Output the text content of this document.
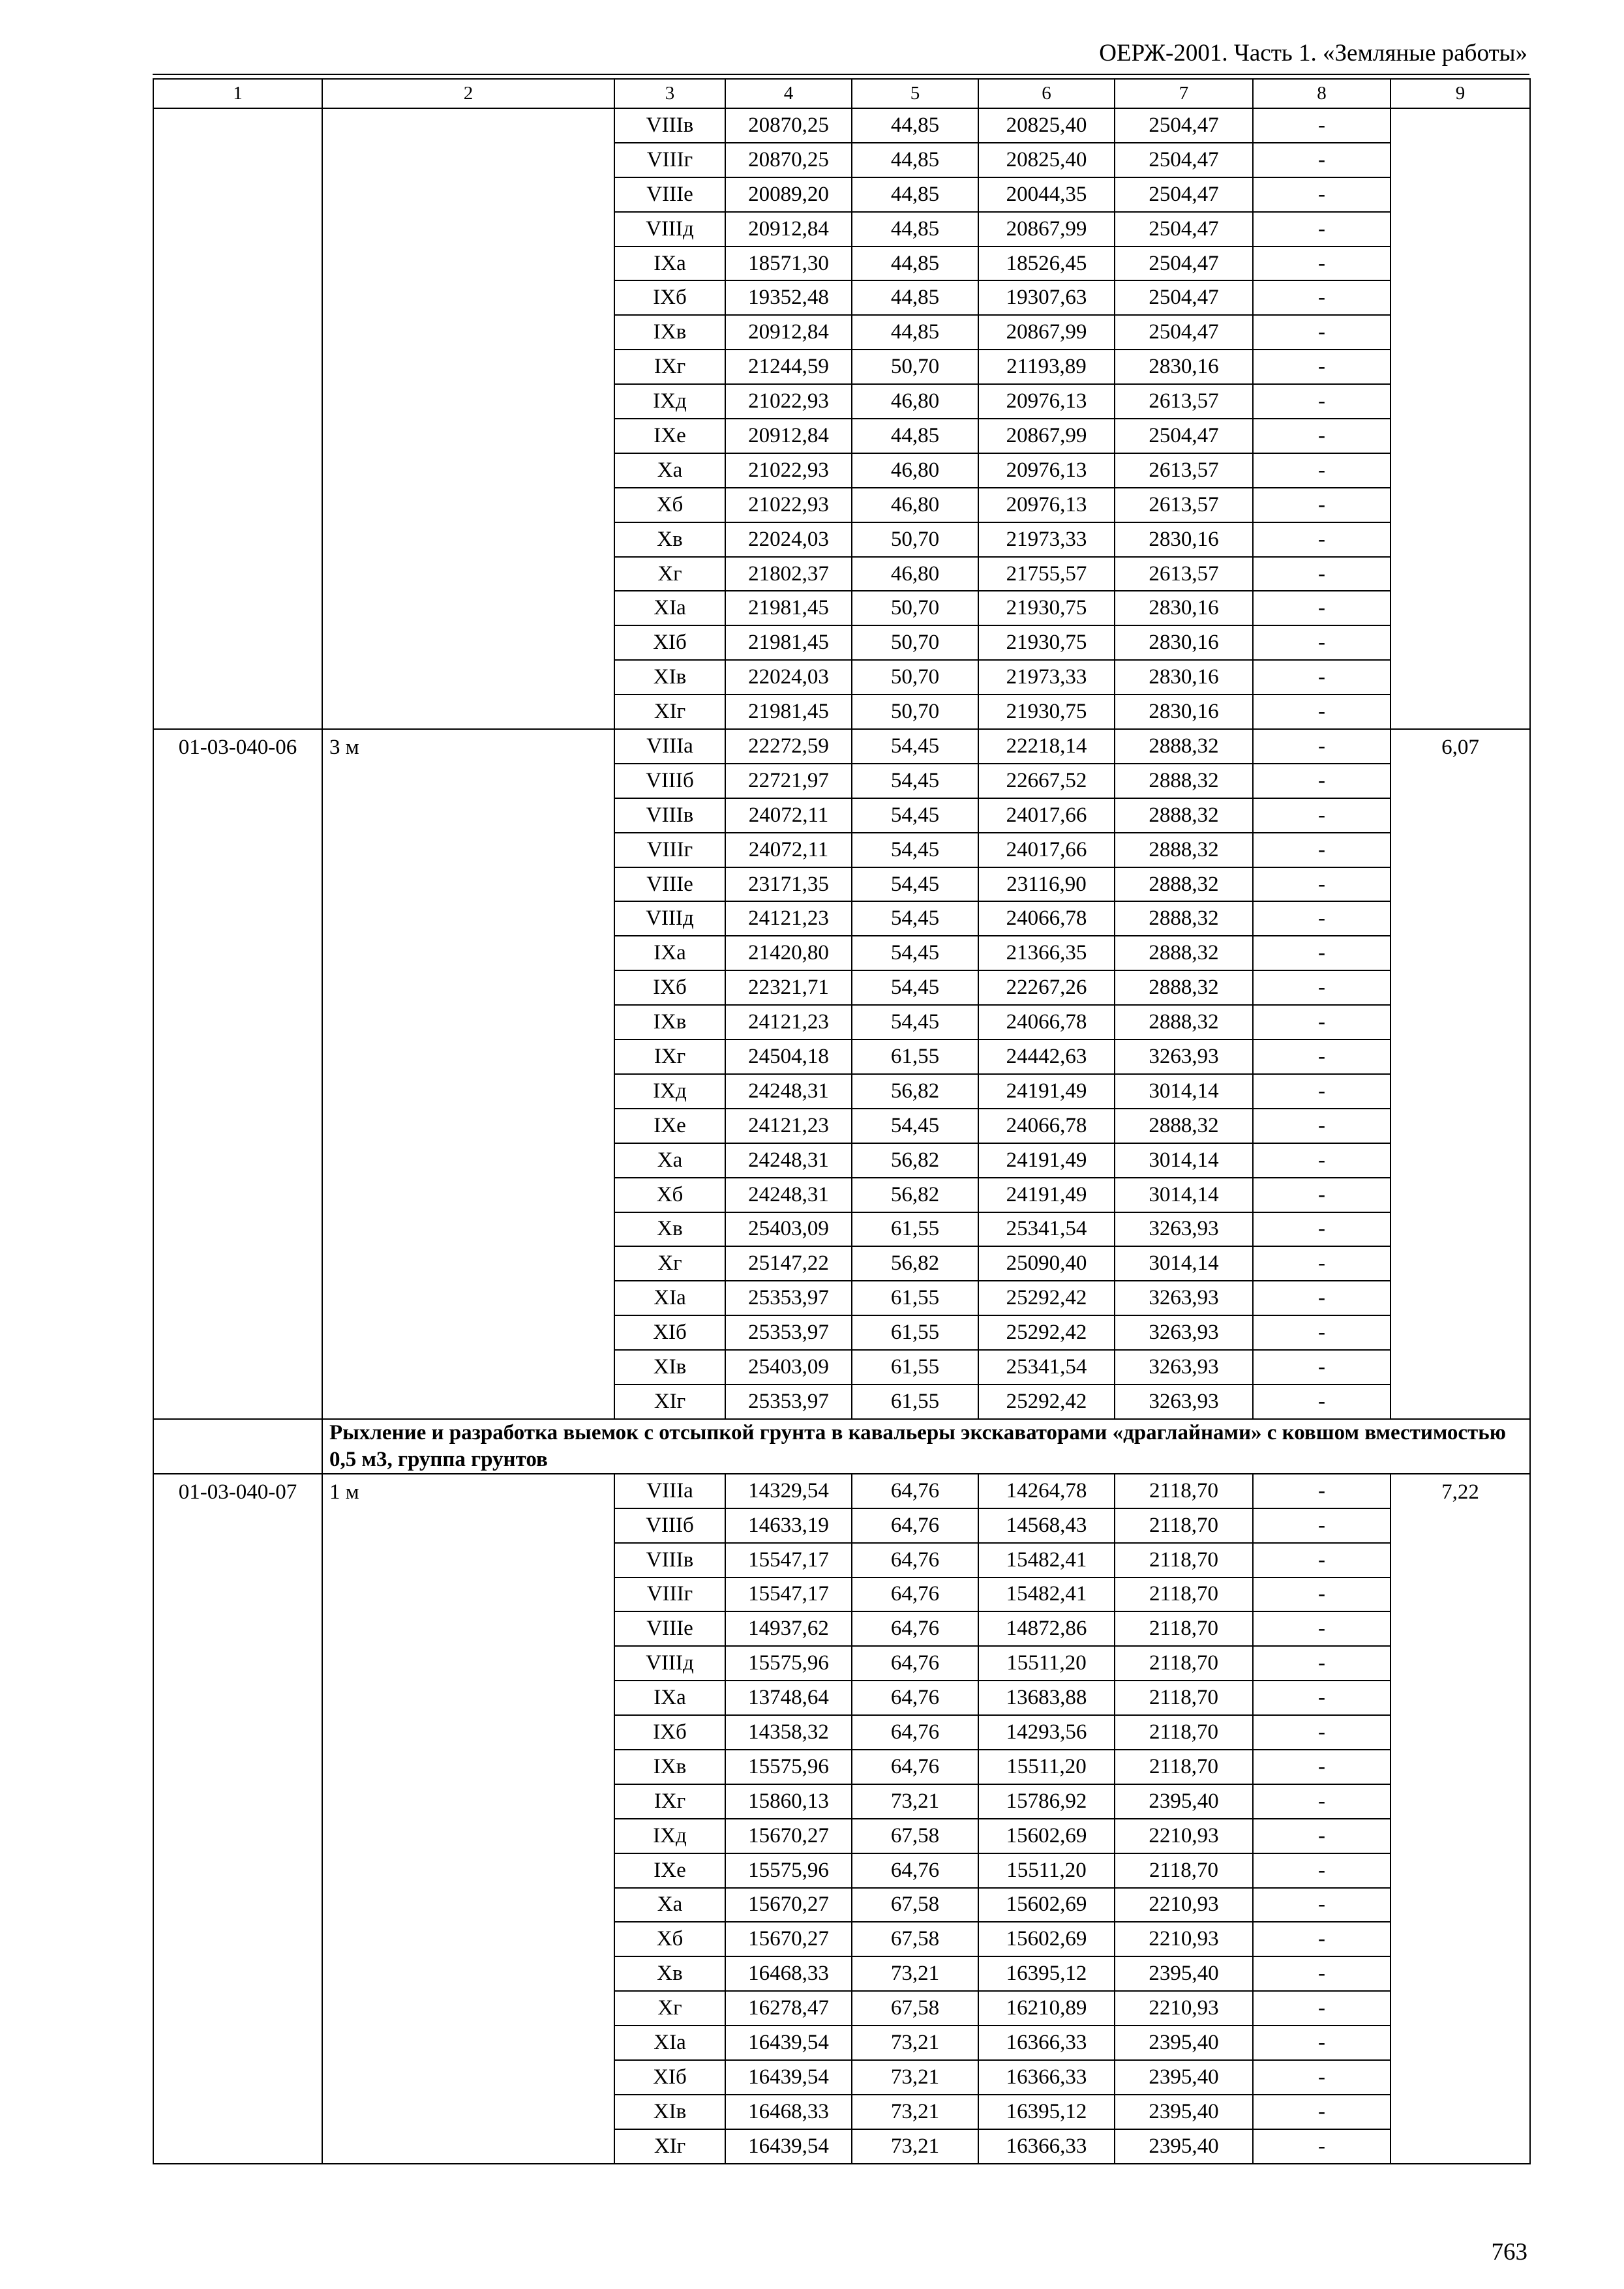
ОЕРЖ-2001. Часть 1. «Земляные работы»
1	2	3	4	5	6	7	8	9
		VIIIв	20870,25	44,85	20825,40	2504,47	-	
		VIIIг	20870,25	44,85	20825,40	2504,47	-	
		VIIIе	20089,20	44,85	20044,35	2504,47	-	
		VIIIд	20912,84	44,85	20867,99	2504,47	-	
		IXа	18571,30	44,85	18526,45	2504,47	-	
		IXб	19352,48	44,85	19307,63	2504,47	-	
		IXв	20912,84	44,85	20867,99	2504,47	-	
		IXг	21244,59	50,70	21193,89	2830,16	-	
		IXд	21022,93	46,80	20976,13	2613,57	-	
		IXе	20912,84	44,85	20867,99	2504,47	-	
		Xа	21022,93	46,80	20976,13	2613,57	-	
		Xб	21022,93	46,80	20976,13	2613,57	-	
		Xв	22024,03	50,70	21973,33	2830,16	-	
		Xг	21802,37	46,80	21755,57	2613,57	-	
		XIа	21981,45	50,70	21930,75	2830,16	-	
		XIб	21981,45	50,70	21930,75	2830,16	-	
		XIв	22024,03	50,70	21973,33	2830,16	-	
		XIг	21981,45	50,70	21930,75	2830,16	-	
01-03-040-06	3 м	VIIIа	22272,59	54,45	22218,14	2888,32	-	6,07
		VIIIб	22721,97	54,45	22667,52	2888,32	-	
		VIIIв	24072,11	54,45	24017,66	2888,32	-	
		VIIIг	24072,11	54,45	24017,66	2888,32	-	
		VIIIе	23171,35	54,45	23116,90	2888,32	-	
		VIIIд	24121,23	54,45	24066,78	2888,32	-	
		IXа	21420,80	54,45	21366,35	2888,32	-	
		IXб	22321,71	54,45	22267,26	2888,32	-	
		IXв	24121,23	54,45	24066,78	2888,32	-	
		IXг	24504,18	61,55	24442,63	3263,93	-	
		IXд	24248,31	56,82	24191,49	3014,14	-	
		IXе	24121,23	54,45	24066,78	2888,32	-	
		Xа	24248,31	56,82	24191,49	3014,14	-	
		Xб	24248,31	56,82	24191,49	3014,14	-	
		Xв	25403,09	61,55	25341,54	3263,93	-	
		Xг	25147,22	56,82	25090,40	3014,14	-	
		XIа	25353,97	61,55	25292,42	3263,93	-	
		XIб	25353,97	61,55	25292,42	3263,93	-	
		XIв	25403,09	61,55	25341,54	3263,93	-	
		XIг	25353,97	61,55	25292,42	3263,93	-	
	Рыхление и разработка выемок с отсыпкой грунта в кавальеры экскаваторами «драглайнами» с ковшом вместимостью 0,5 м3, группа грунтов							
01-03-040-07	1 м	VIIIа	14329,54	64,76	14264,78	2118,70	-	7,22
		VIIIб	14633,19	64,76	14568,43	2118,70	-	
		VIIIв	15547,17	64,76	15482,41	2118,70	-	
		VIIIг	15547,17	64,76	15482,41	2118,70	-	
		VIIIе	14937,62	64,76	14872,86	2118,70	-	
		VIIIд	15575,96	64,76	15511,20	2118,70	-	
		IXа	13748,64	64,76	13683,88	2118,70	-	
		IXб	14358,32	64,76	14293,56	2118,70	-	
		IXв	15575,96	64,76	15511,20	2118,70	-	
		IXг	15860,13	73,21	15786,92	2395,40	-	
		IXд	15670,27	67,58	15602,69	2210,93	-	
		IXе	15575,96	64,76	15511,20	2118,70	-	
		Xа	15670,27	67,58	15602,69	2210,93	-	
		Xб	15670,27	67,58	15602,69	2210,93	-	
		Xв	16468,33	73,21	16395,12	2395,40	-	
		Xг	16278,47	67,58	16210,89	2210,93	-	
		XIа	16439,54	73,21	16366,33	2395,40	-	
		XIб	16439,54	73,21	16366,33	2395,40	-	
		XIв	16468,33	73,21	16395,12	2395,40	-	
		XIг	16439,54	73,21	16366,33	2395,40	-	
763
